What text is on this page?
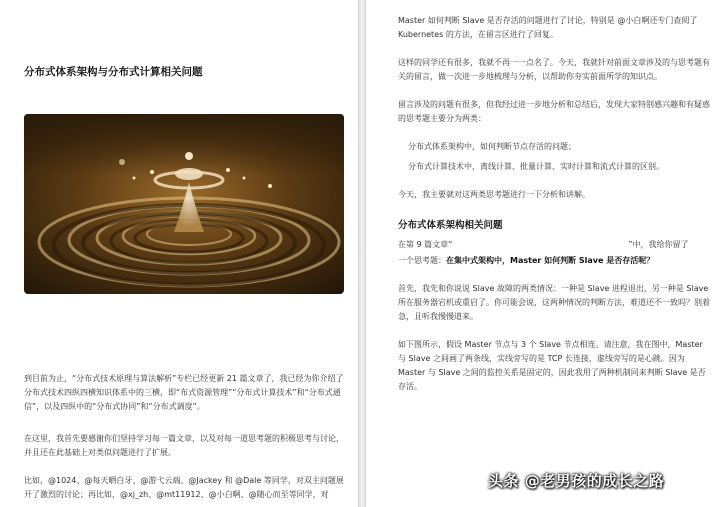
分布式体系架构与分布式计算相关问题

到目前为止，“分布式技术原理与算法解析”专栏已经更新 21 篇文章了，我已经为你介绍了分布式技术四纵四横知识体系中的三横，即“布式资源管理”“分布式计算技术”和“分布式通信”，以及四纵中的“分布式协同”和“分布式调度”。

在这里，我首先要感谢你们坚持学习每一篇文章，以及对每一道思考题的积极思考与讨论，并且还在此基础上对类似问题进行了扩展。

比如，@1024、@每天晒白牙、@游弋云端、@Jackey 和 @Dale 等同学，对双主问题展开了激烈的讨论；再比如，@xj_zh、@mt11912、@小白啊、@随心而至等同学，对

Master 如何判断 Slave 是否存活的问题进行了讨论，特别是 @小白啊还专门查阅了 Kubernetes 的方法，在留言区进行了回复。

这样的同学还有很多，我就不再一一点名了。今天，我就针对前面文章涉及的与思考题有关的留言，做一次进一步地梳理与分析，以帮助你夯实前面所学的知识点。

留言涉及的问题有很多，但我经过进一步地分析和总结后，发现大家特别感兴趣和有疑惑的思考题主要分为两类：

分布式体系架构中，如何判断节点存活的问题；

分布式计算技术中，离线计算、批量计算、实时计算和流式计算的区别。

今天，我主要就对这两类思考题进行一下分析和讲解。

分布式体系架构相关问题

在第 9 篇文章“	”中，我给你留了

一个思考题：在集中式架构中，Master 如何判断 Slave 是否存活呢？

首先，我先和你说说 Slave 故障的两类情况：一种是 Slave 进程退出，另一种是 Slave 所在服务器宕机或重启了。你可能会说，这两种情况的判断方法，难道还不一致吗？别着急，且听我慢慢道来。

如下图所示，假设 Master 节点与 3 个 Slave 节点相连。请注意，我在图中，Master 与 Slave 之间画了两条线，实线旁写的是 TCP 长连接，虚线旁写的是心跳。因为 Master 与 Slave 之间的监控关系是固定的，因此我用了两种机制同来判断 Slave 是否存活。

头条 @老男孩的成长之路
